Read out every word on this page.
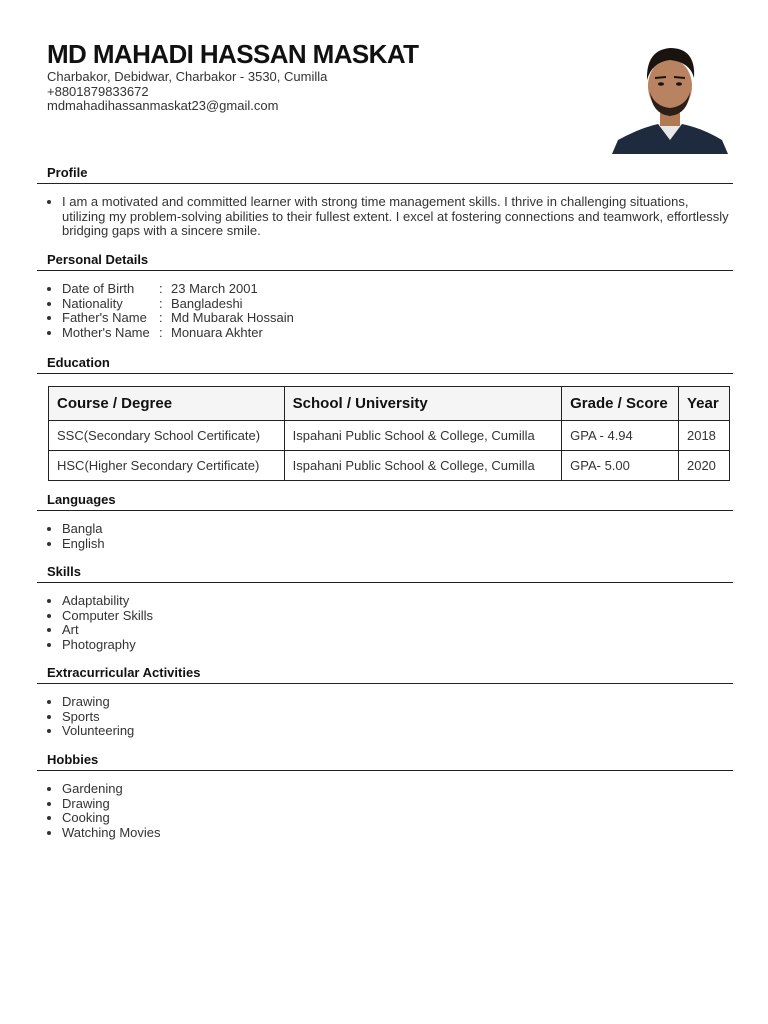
MD MAHADI HASSAN MASKAT
Charbakor, Debidwar, Charbakor - 3530, Cumilla
+8801879833672
mdmahadihassanmaskat23@gmail.com
Profile
• I am a motivated and committed learner with strong time management skills. I thrive in challenging situations, utilizing my problem-solving abilities to their fullest extent. I excel at fostering connections and teamwork, effortlessly bridging gaps with a sincere smile.
Personal Details
• Date of Birth : 23 March 2001
• Nationality	: Bangladeshi
• Father's Name : Md Mubarak Hossain
• Mother's Name : Monuara Akhter
Education
Course / Degree	School / University	Grade / Score	Year
SSC(Secondary School Certificate)	Ispahani Public School & College, Cumilla	GPA - 4.94	2018
HSC(Higher Secondary Certificate)	Ispahani Public School & College, Cumilla	GPA- 5.00	2020
Languages
• Bangla
• English
Skills
• Adaptability
• Computer Skills
• Art
• Photography
Extracurricular Activities
• Drawing
• Sports
• Volunteering
Hobbies
• Gardening
• Drawing
• Cooking
• Watching Movies
